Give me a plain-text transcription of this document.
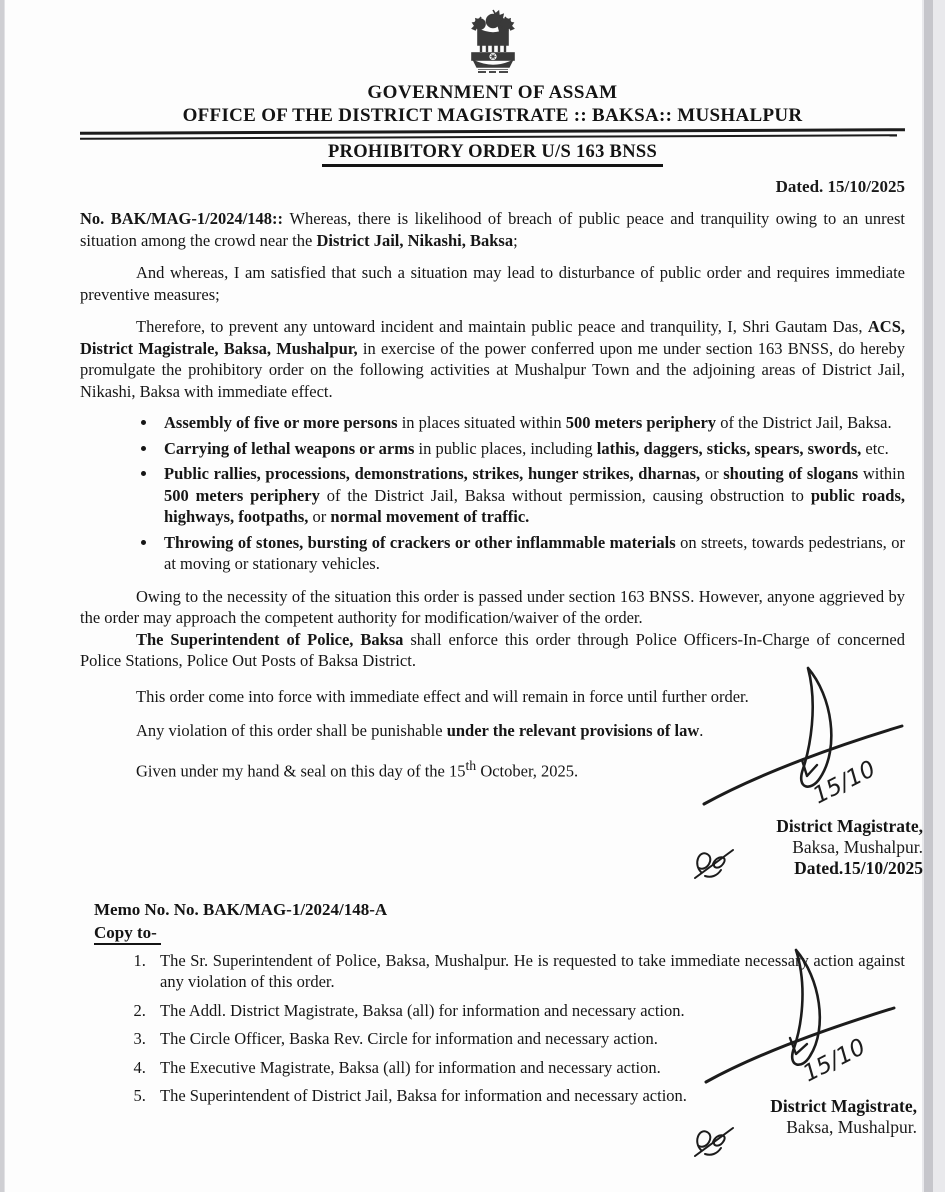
GOVERNMENT OF ASSAM
OFFICE OF THE DISTRICT MAGISTRATE :: BAKSA:: MUSHALPUR
PROHIBITORY ORDER U/S 163 BNSS
Dated. 15/10/2025

No. BAK/MAG-1/2024/148:: Whereas, there is likelihood of breach of public peace and tranquility owing to an unrest situation among the crowd near the District Jail, Nikashi, Baksa;

And whereas, I am satisfied that such a situation may lead to disturbance of public order and requires immediate preventive measures;

Therefore, to prevent any untoward incident and maintain public peace and tranquility, I, Shri Gautam Das, ACS, District Magistrale, Baksa, Mushalpur, in exercise of the power conferred upon me under section 163 BNSS, do hereby promulgate the prohibitory order on the following activities at Mushalpur Town and the adjoining areas of District Jail, Nikashi, Baksa with immediate effect.

• Assembly of five or more persons in places situated within 500 meters periphery of the District Jail, Baksa.
• Carrying of lethal weapons or arms in public places, including lathis, daggers, sticks, spears, swords, etc.
• Public rallies, processions, demonstrations, strikes, hunger strikes, dharnas, or shouting of slogans within 500 meters periphery of the District Jail, Baksa without permission, causing obstruction to public roads, highways, footpaths, or normal movement of traffic.
• Throwing of stones, bursting of crackers or other inflammable materials on streets, towards pedestrians, or at moving or stationary vehicles.

Owing to the necessity of the situation this order is passed under section 163 BNSS. However, anyone aggrieved by the order may approach the competent authority for modification/waiver of the order.

The Superintendent of Police, Baksa shall enforce this order through Police Officers-In-Charge of concerned Police Stations, Police Out Posts of Baksa District.

This order come into force with immediate effect and will remain in force until further order.

Any violation of this order shall be punishable under the relevant provisions of law.

Given under my hand & seal on this day of the 15th October, 2025.	15/10
District Magistrate,
Baksa, Mushalpur.
Dated.15/10/2025
Memo No. No. BAK/MAG-1/2024/148-A
Copy to-
1. The Sr. Superintendent of Police, Baksa, Mushalpur. He is requested to take immediate necessary action against any violation of this order.
2. The Addl. District Magistrate, Baksa (all) for information and necessary action.
3. The Circle Officer, Baska Rev. Circle for information and necessary action.
4. The Executive Magistrate, Baksa (all) for information and necessary action.
5. The Superintendent of District Jail, Baksa for information and necessary action.
15/10
District Magistrate,
Baksa, Mushalpur.
